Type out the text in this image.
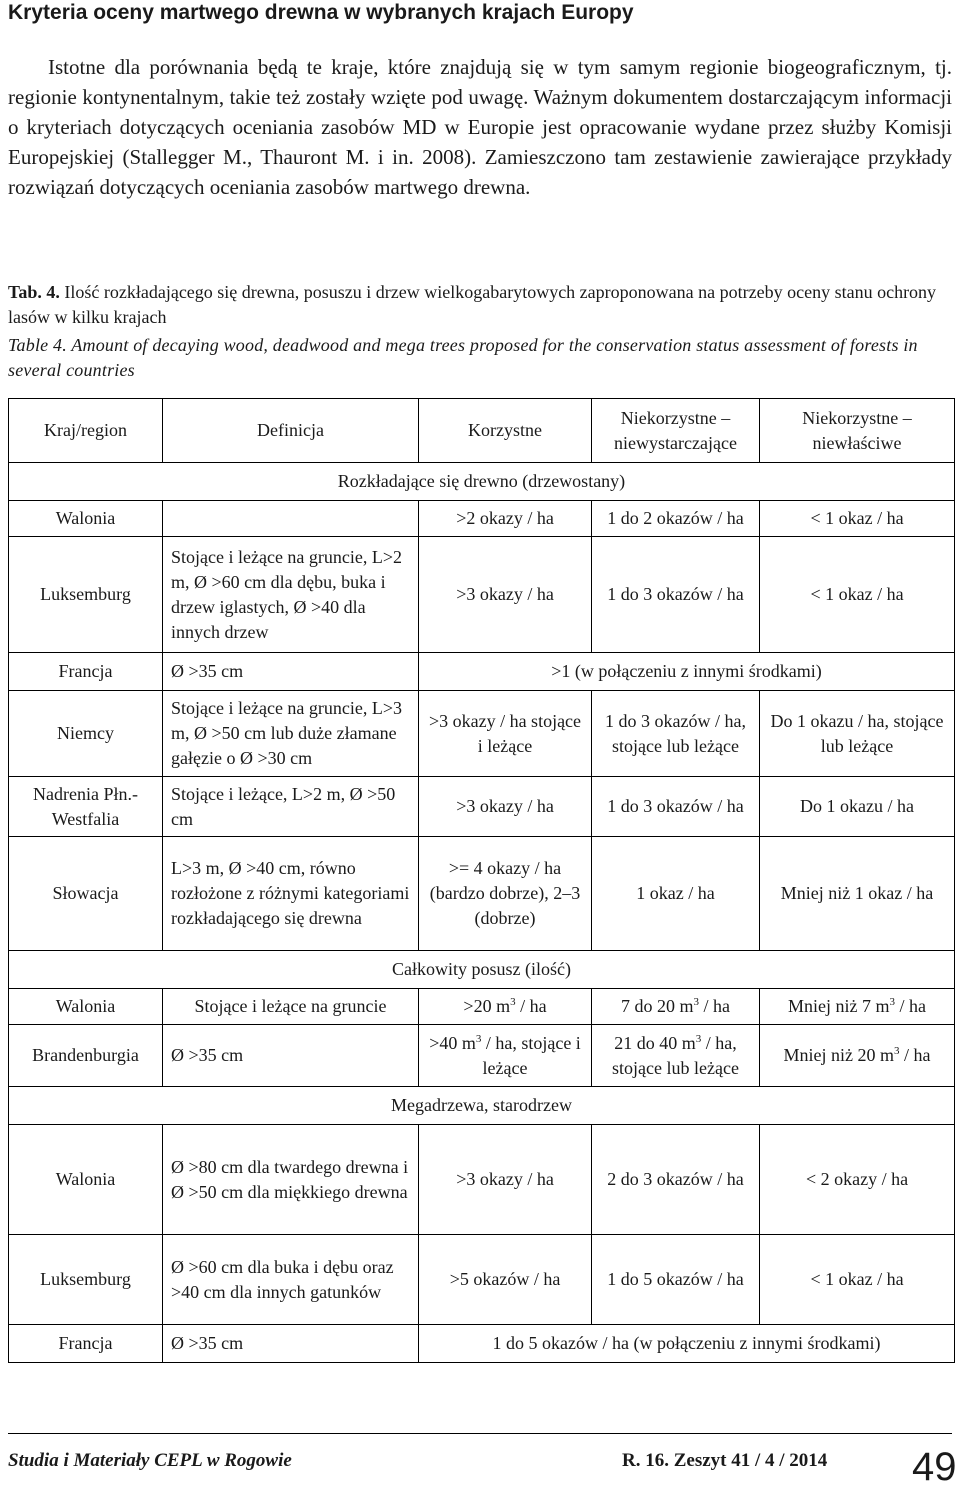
Kryteria oceny martwego drewna w wybranych krajach Europy

Istotne dla porównania będą te kraje, które znajdują się w tym samym regionie biogeograficznym, tj. regionie kontynentalnym, takie też zostały wzięte pod uwagę. Ważnym dokumentem dostarczającym informacji o kryteriach dotyczących oceniania zasobów MD w Europie jest opracowanie wydane przez służby Komisji Europejskiej (Stallegger M., Thauront M. i in. 2008). Zamieszczono tam zestawienie zawierające przykłady rozwiązań dotyczących oceniania zasobów martwego drewna.

Tab. 4. Ilość rozkładającego się drewna, posuszu i drzew wielkogabarytowych zaproponowana na potrzeby oceny stanu ochrony lasów w kilku krajach

Table 4. Amount of decaying wood, deadwood and mega trees proposed for the conservation status assessment of forests in several countries

Kraj/region	Definicja	Korzystne	Niekorzystne – niewystarczające	Niekorzystne – niewłaściwe
Rozkładające się drewno (drzewostany)				
Walonia		>2 okazy / ha	1 do 2 okazów / ha	< 1 okaz / ha
Luksemburg	Stojące i leżące na gruncie, L>2 m, Ø >60 cm dla dębu, buka i drzew iglastych, Ø >40 dla innych drzew	>3 okazy / ha	1 do 3 okazów / ha	< 1 okaz / ha
Francja	Ø >35 cm	>1 (w połączeniu z innymi środkami)		
Niemcy	Stojące i leżące na gruncie, L>3 m, Ø >50 cm lub duże złamane gałęzie o Ø >30 cm	>3 okazy / ha stojące i leżące	1 do 3 okazów / ha, stojące lub leżące	Do 1 okazu / ha, stojące lub leżące
Nadrenia Płn.-Westfalia	Stojące i leżące, L>2 m, Ø >50 cm	>3 okazy / ha	1 do 3 okazów / ha	Do 1 okazu / ha
Słowacja	L>3 m, Ø >40 cm, równo rozłożone z różnymi kategoriami rozkładającego się drewna	>= 4 okazy / ha (bardzo dobrze), 2–3 (dobrze)	1 okaz / ha	Mniej niż 1 okaz / ha
Całkowity posusz (ilość)				
Walonia	Stojące i leżące na gruncie	>20 $m^3$ / ha	7 do 20 $m^3$ / ha	Mniej niż 7 $m^3$ / ha
Brandenburgia	Ø >35 cm	>40 $m^3$ / ha, stojące i leżące	21 do 40 $m^3$ / ha, stojące lub leżące	Mniej niż 20 $m^3$ / ha
Megadrzewa, starodrzew				
Walonia	Ø >80 cm dla twardego drewna i Ø >50 cm dla miękkiego drewna	>3 okazy / ha	2 do 3 okazów / ha	< 2 okazy / ha
Luksemburg	Ø >60 cm dla buka i dębu oraz >40 cm dla innych gatunków	>5 okazów / ha	1 do 5 okazów / ha	< 1 okaz / ha
Francja	Ø >35 cm	1 do 5 okazów / ha (w połączeniu z innymi środkami)		
Studia i Materiały CEPL w Rogowie	R. 16. Zeszyt 41 / 4 / 2014 49
